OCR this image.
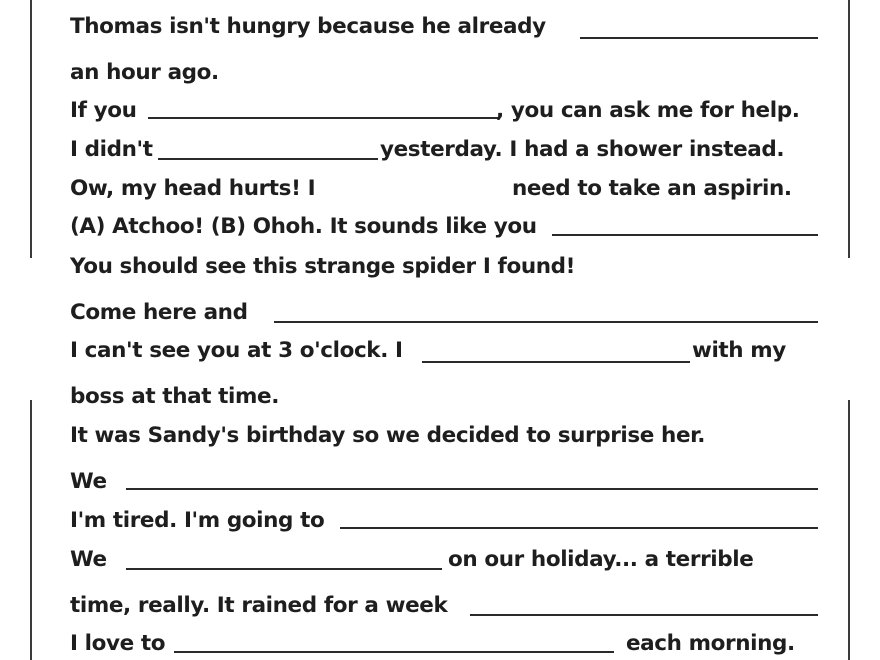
Thomas isn't hungry because he already
an hour ago.
If you	, you can ask me for help.
I didn't	yesterday. I had a shower instead.
Ow, my head hurts! I	need to take an aspirin.
(A) Atchoo! (B) Ohoh. It sounds like you
You should see this strange spider I found!
Come here and
I can't see you at 3 o'clock. I	with my
boss at that time.
It was Sandy's birthday so we decided to surprise her.
We
I'm tired. I'm going to
We	on our holiday... a terrible
time, really. It rained for a week
I love to	each morning.
